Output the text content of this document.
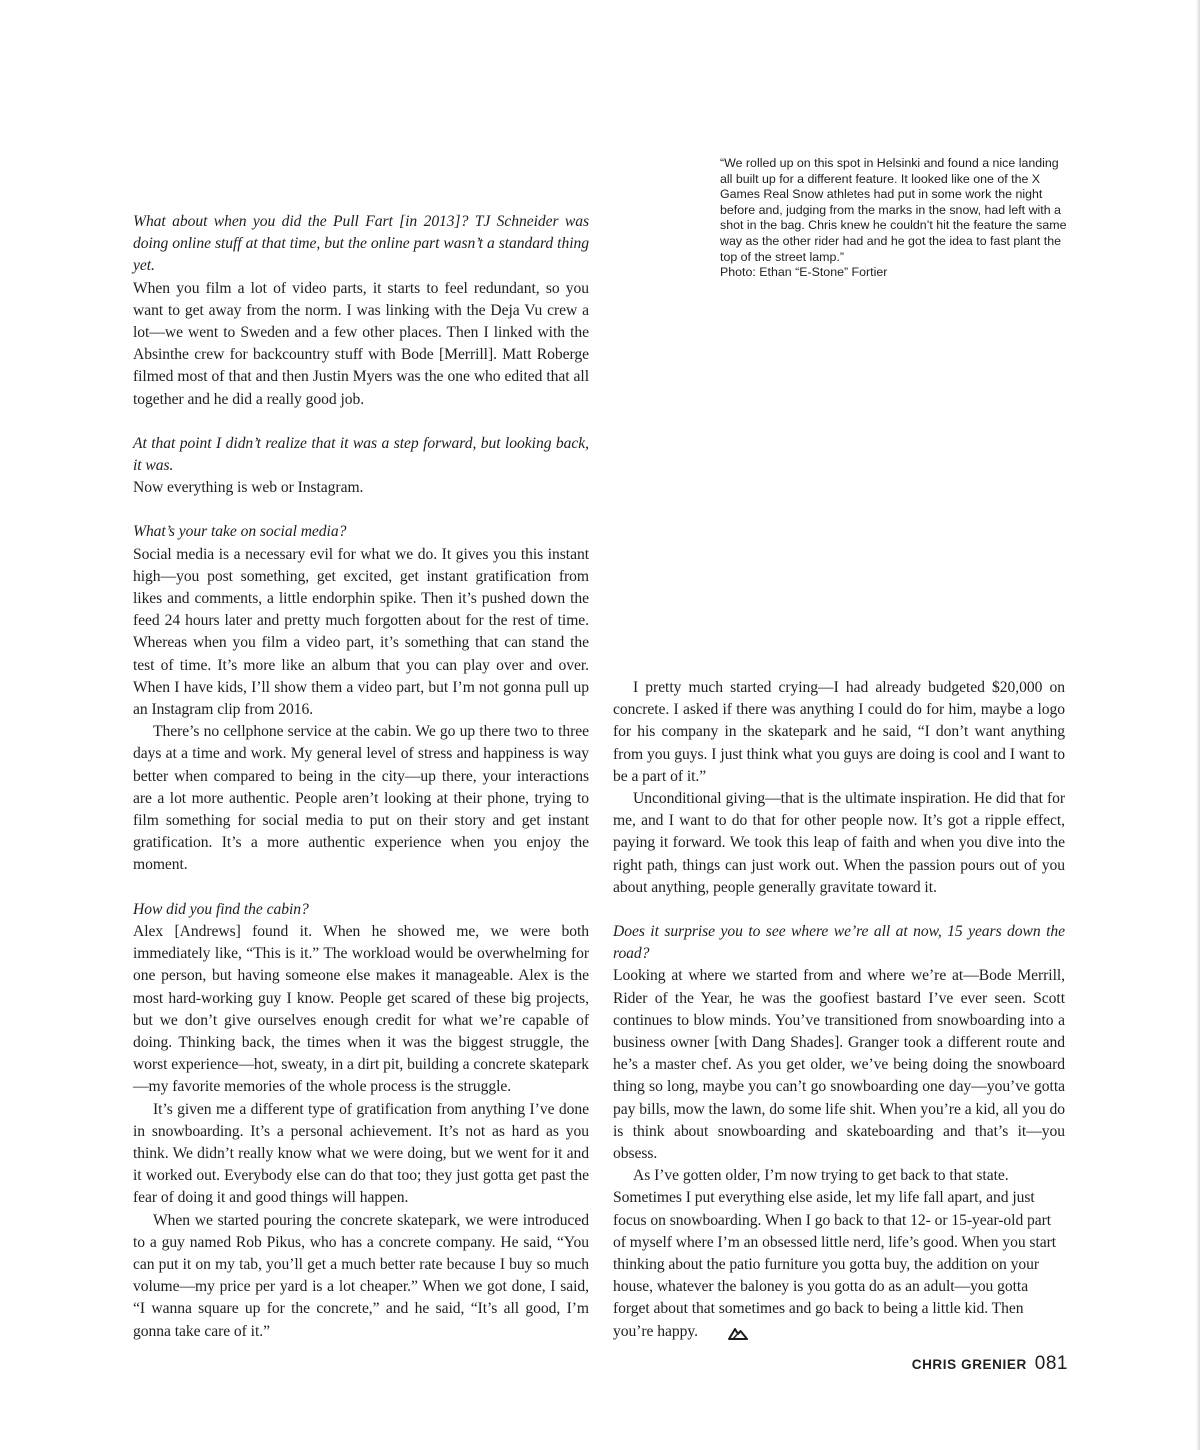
“We rolled up on this spot in Helsinki and found a nice landing all built up for a different feature. It looked like one of the X Games Real Snow athletes had put in some work the night before and, judging from the marks in the snow, had left with a shot in the bag. Chris knew he couldn’t hit the feature the same way as the other rider had and he got the idea to fast plant the top of the street lamp.”

Photo: Ethan “E-Stone” Fortier

What about when you did the Pull Fart [in 2013]? TJ Schneider was doing online stuff at that time, but the online part wasn’t a standard thing yet.

When you film a lot of video parts, it starts to feel redundant, so you want to get away from the norm. I was linking with the Deja Vu crew a lot—we went to Sweden and a few other places. Then I linked with the Absinthe crew for backcountry stuff with Bode [Merrill]. Matt Roberge filmed most of that and then Justin Myers was the one who edited that all together and he did a really good job.

At that point I didn’t realize that it was a step forward, but looking back, it was.

Now everything is web or Instagram.

What’s your take on social media?

Social media is a necessary evil for what we do. It gives you this instant high—you post something, get excited, get instant gratification from likes and comments, a little endorphin spike. Then it’s pushed down the feed 24 hours later and pretty much forgotten about for the rest of time. Whereas when you film a video part, it’s something that can stand the test of time. It’s more like an album that you can play over and over. When I have kids, I’ll show them a video part, but I’m not gonna pull up an Instagram clip from 2016.

There’s no cellphone service at the cabin. We go up there two to three days at a time and work. My general level of stress and happiness is way better when compared to being in the city—up there, your interactions are a lot more authentic. People aren’t looking at their phone, trying to film something for social media to put on their story and get instant gratification. It’s a more authentic experience when you enjoy the moment.

How did you find the cabin?

Alex [Andrews] found it. When he showed me, we were both immediately like, “This is it.” The workload would be overwhelming for one person, but having someone else makes it manageable. Alex is the most hard-working guy I know. People get scared of these big projects, but we don’t give ourselves enough credit for what we’re capable of doing. Thinking back, the times when it was the biggest struggle, the worst experience—hot, sweaty, in a dirt pit, building a concrete skatepark—my favorite memories of the whole process is the struggle.

It’s given me a different type of gratification from anything I’ve done in snowboarding. It’s a personal achievement. It’s not as hard as you think. We didn’t really know what we were doing, but we went for it and it worked out. Everybody else can do that too; they just gotta get past the fear of doing it and good things will happen.

When we started pouring the concrete skatepark, we were introduced to a guy named Rob Pikus, who has a concrete company. He said, “You can put it on my tab, you’ll get a much better rate because I buy so much volume—my price per yard is a lot cheaper.” When we got done, I said, “I wanna square up for the concrete,” and he said, “It’s all good, I’m gonna take care of it.”

I pretty much started crying—I had already budgeted $20,000 on concrete. I asked if there was anything I could do for him, maybe a logo for his company in the skatepark and he said, “I don’t want anything from you guys. I just think what you guys are doing is cool and I want to be a part of it.”

Unconditional giving—that is the ultimate inspiration. He did that for me, and I want to do that for other people now. It’s got a ripple effect, paying it forward. We took this leap of faith and when you dive into the right path, things can just work out. When the passion pours out of you about anything, people generally gravitate toward it.

Does it surprise you to see where we’re all at now, 15 years down the road?

Looking at where we started from and where we’re at—Bode Merrill, Rider of the Year, he was the goofiest bastard I’ve ever seen. Scott continues to blow minds. You’ve transitioned from snowboarding into a business owner [with Dang Shades]. Granger took a different route and he’s a master chef. As you get older, we’ve being doing the snowboard thing so long, maybe you can’t go snowboarding one day—you’ve gotta pay bills, mow the lawn, do some life shit. When you’re a kid, all you do is think about snowboarding and skateboarding and that’s it—you obsess.

As I’ve gotten older, I’m now trying to get back to that state. Sometimes I put everything else aside, let my life fall apart, and just focus on snowboarding. When I go back to that 12- or 15-year-old part of myself where I’m an obsessed little nerd, life’s good. When you start thinking about the patio furniture you gotta buy, the addition on your house, whatever the baloney is you gotta do as an adult—you gotta forget about that sometimes and go back to being a little kid. Then you’re happy.

CHRIS GRENIER 081
